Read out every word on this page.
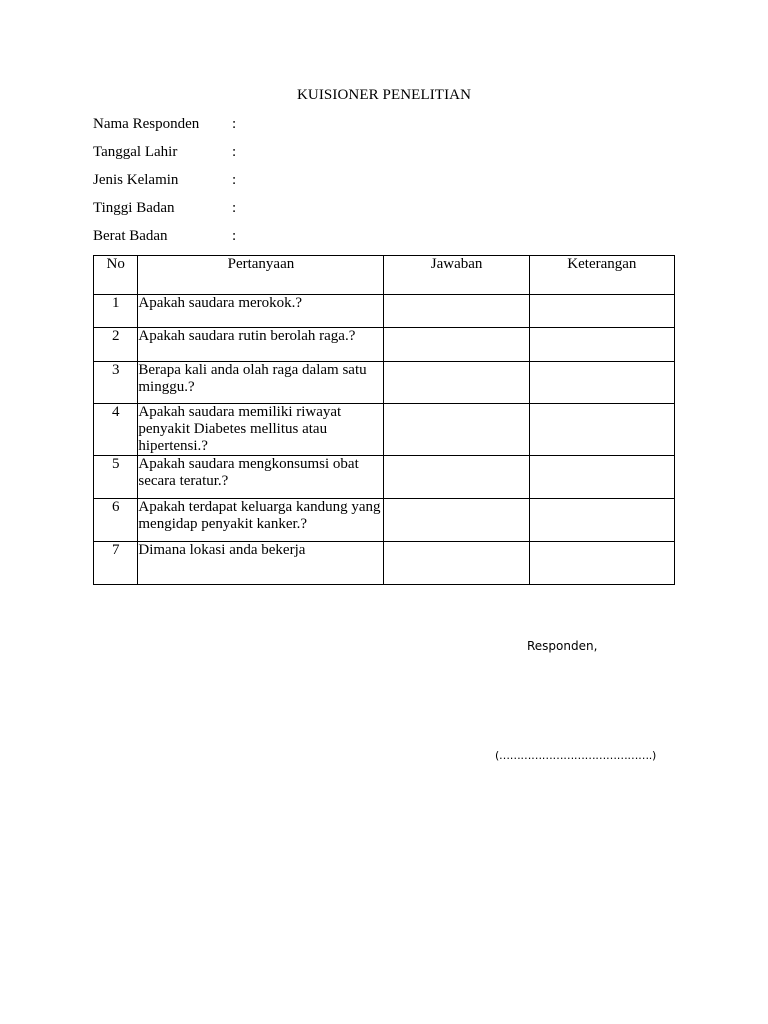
KUISIONER PENELITIAN
Nama Responden :
Tanggal Lahir	:
Jenis Kelamin	:
Tinggi Badan	:
Berat Badan	:
No	Pertanyaan	Jawaban	Keterangan
1	Apakah saudara merokok.?		
2	Apakah saudara rutin berolah raga.?		
3	Berapa kali anda olah raga dalam satu minggu.?		
4	Apakah saudara memiliki riwayat penyakit Diabetes mellitus atau hipertensi.?		
5	Apakah saudara mengkonsumsi obat secara teratur.?		
6	Apakah terdapat keluarga kandung yang mengidap penyakit kanker.?		
7	Dimana lokasi anda bekerja		
Responden,
(…………………………………….)
